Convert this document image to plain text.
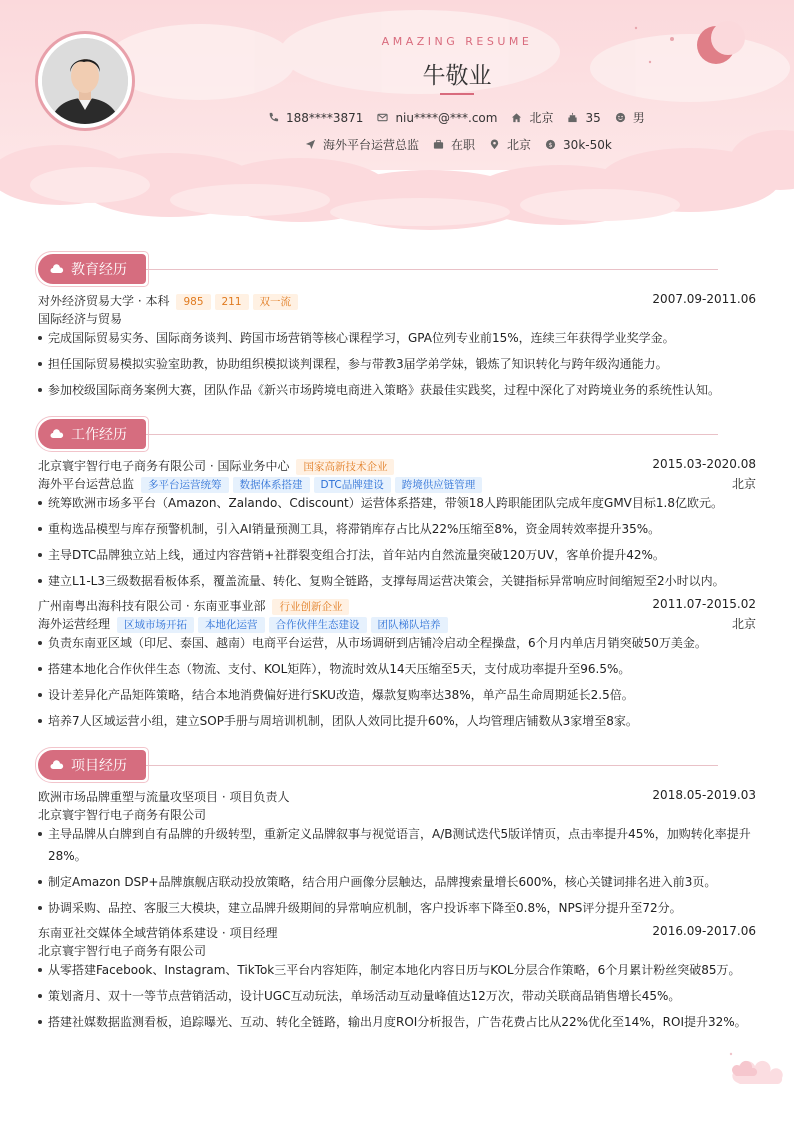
AMAZING RESUME
牛敬业
188****3871	niu****@***.com	北京	35	男
海外平台运营总监	在职	北京 $ 30k-50k
教育经历
对外经济贸易大学 · 本科 985 211 双一流	2007.09-2011.06
国际经济与贸易
完成国际贸易实务、国际商务谈判、跨国市场营销等核心课程学习，GPA位列专业前15%，连续三年获得学业奖学金。
担任国际贸易模拟实验室助教，协助组织模拟谈判课程，参与带教3届学弟学妹，锻炼了知识转化与跨年级沟通能力。
参加校级国际商务案例大赛，团队作品《新兴市场跨境电商进入策略》获最佳实践奖，过程中深化了对跨境业务的系统性认知。
工作经历
北京寰宇智行电子商务有限公司 · 国际业务中心 国家高新技术企业	2015.03-2020.08
海外平台运营总监 多平台运营统筹 数据体系搭建 DTC品牌建设 跨境供应链管理	北京
统筹欧洲市场多平台（Amazon、Zalando、Cdiscount）运营体系搭建，带领18人跨职能团队完成年度GMV目标1.8亿欧元。
重构选品模型与库存预警机制，引入AI销量预测工具，将滞销库存占比从22%压缩至8%，资金周转效率提升35%。
主导DTC品牌独立站上线，通过内容营销+社群裂变组合打法，首年站内自然流量突破120万UV，客单价提升42%。
建立L1-L3三级数据看板体系，覆盖流量、转化、复购全链路，支撑每周运营决策会，关键指标异常响应时间缩短至2小时以内。
广州南粤出海科技有限公司 · 东南亚事业部 行业创新企业	2011.07-2015.02
海外运营经理 区域市场开拓 本地化运营 合作伙伴生态建设 团队梯队培养	北京
负责东南亚区域（印尼、泰国、越南）电商平台运营，从市场调研到店铺冷启动全程操盘，6个月内单店月销突破50万美金。
搭建本地化合作伙伴生态（物流、支付、KOL矩阵），物流时效从14天压缩至5天，支付成功率提升至96.5%。
设计差异化产品矩阵策略，结合本地消费偏好进行SKU改造，爆款复购率达38%，单产品生命周期延长2.5倍。
培养7人区域运营小组，建立SOP手册与周培训机制，团队人效同比提升60%，人均管理店铺数从3家增至8家。
项目经历
欧洲市场品牌重塑与流量攻坚项目 · 项目负责人	2018.05-2019.03
北京寰宇智行电子商务有限公司
主导品牌从白牌到自有品牌的升级转型，重新定义品牌叙事与视觉语言，A/B测试迭代5版详情页，点击率提升45%，加购转化率提升
28%。
制定Amazon DSP+品牌旗舰店联动投放策略，结合用户画像分层触达，品牌搜索量增长600%，核心关键词排名进入前3页。
协调采购、品控、客服三大模块，建立品牌升级期间的异常响应机制，客户投诉率下降至0.8%，NPS评分提升至72分。
东南亚社交媒体全域营销体系建设 · 项目经理	2016.09-2017.06
北京寰宇智行电子商务有限公司
从零搭建Facebook、Instagram、TikTok三平台内容矩阵，制定本地化内容日历与KOL分层合作策略，6个月累计粉丝突破85万。
策划斋月、双十一等节点营销活动，设计UGC互动玩法，单场活动互动量峰值达12万次，带动关联商品销售增长45%。
搭建社媒数据监测看板，追踪曝光、互动、转化全链路，输出月度ROI分析报告，广告花费占比从22%优化至14%，ROI提升32%。
